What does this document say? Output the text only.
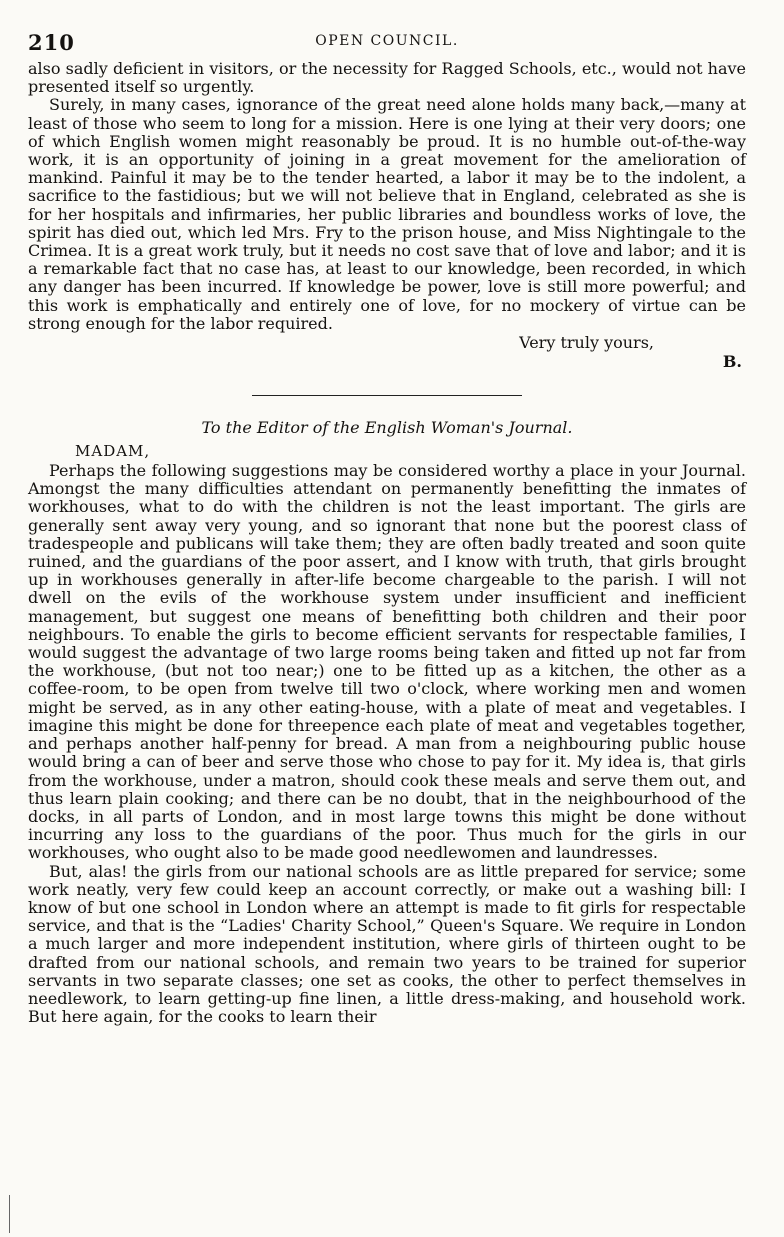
210	OPEN COUNCIL.

also sadly deficient in visitors, or the necessity for Ragged Schools, etc., would not have presented itself so urgently.

Surely, in many cases, ignorance of the great need alone holds many back,—many at least of those who seem to long for a mission. Here is one lying at their very doors; one of which English women might reasonably be proud. It is no humble out-of-the-way work, it is an opportunity of joining in a great movement for the amelioration of mankind. Painful it may be to the tender hearted, a labor it may be to the indolent, a sacrifice to the fastidious; but we will not believe that in England, celebrated as she is for her hospitals and infirmaries, her public libraries and boundless works of love, the spirit has died out, which led Mrs. Fry to the prison house, and Miss Nightingale to the Crimea. It is a great work truly, but it needs no cost save that of love and labor; and it is a remarkable fact that no case has, at least to our knowledge, been recorded, in which any danger has been incurred. If knowledge be power, love is still more powerful; and this work is emphatically and entirely one of love, for no mockery of virtue can be strong enough for the labor required.

Very truly yours,
B.
To the Editor of the English Woman's Journal.
MADAM,

Perhaps the following suggestions may be considered worthy a place in your Journal. Amongst the many difficulties attendant on permanently benefitting the inmates of workhouses, what to do with the children is not the least important. The girls are generally sent away very young, and so ignorant that none but the poorest class of tradespeople and publicans will take them; they are often badly treated and soon quite ruined, and the guardians of the poor assert, and I know with truth, that girls brought up in workhouses generally in after-life become chargeable to the parish. I will not dwell on the evils of the workhouse system under insufficient and inefficient management, but suggest one means of benefitting both children and their poor neighbours. To enable the girls to become efficient servants for respectable families, I would suggest the advantage of two large rooms being taken and fitted up not far from the workhouse, (but not too near;) one to be fitted up as a kitchen, the other as a coffee-room, to be open from twelve till two o'clock, where working men and women might be served, as in any other eating-house, with a plate of meat and vegetables. I imagine this might be done for threepence each plate of meat and vegetables together, and perhaps another half-penny for bread. A man from a neighbouring public house would bring a can of beer and serve those who chose to pay for it. My idea is, that girls from the workhouse, under a matron, should cook these meals and serve them out, and thus learn plain cooking; and there can be no doubt, that in the neighbourhood of the docks, in all parts of London, and in most large towns this might be done without incurring any loss to the guardians of the poor. Thus much for the girls in our workhouses, who ought also to be made good needlewomen and laundresses.

But, alas! the girls from our national schools are as little prepared for service; some work neatly, very few could keep an account correctly, or make out a washing bill: I know of but one school in London where an attempt is made to fit girls for respectable service, and that is the “Ladies' Charity School,” Queen's Square. We require in London a much larger and more independent institution, where girls of thirteen ought to be drafted from our national schools, and remain two years to be trained for superior servants in two separate classes; one set as cooks, the other to perfect themselves in needlework, to learn getting-up fine linen, a little dress-making, and household work. But here again, for the cooks to learn their
